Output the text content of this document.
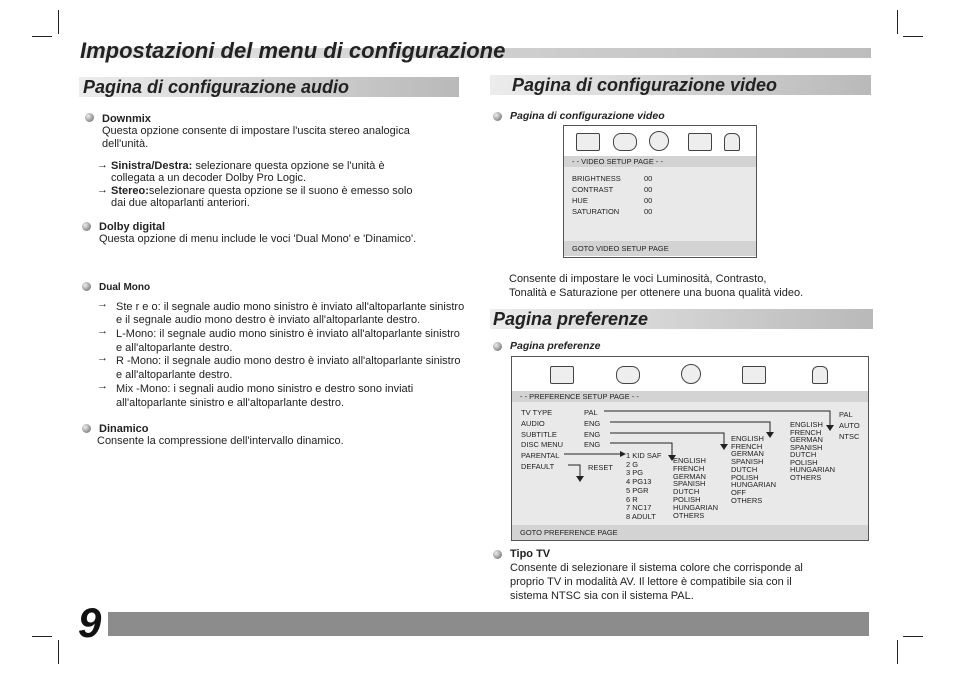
Impostazioni del menu di configurazione
Pagina di configurazione audio
Downmix
Questa opzione consente di impostare l'uscita stereo analogica
dell'unità.
→ Sinistra/Destra: selezionare questa opzione se l'unità è
collegata a un decoder Dolby Pro Logic.
→ Stereo:selezionare questa opzione se il suono è emesso solo
dai due altoparlanti anteriori.
Dolby digital
Questa opzione di menu include le voci 'Dual Mono' e 'Dinamico'.
Dual Mono
→ Ste r e o: il segnale audio mono sinistro è inviato all'altoparlante sinistro
e il segnale audio mono destro è inviato all'altoparlante destro.
→ L-Mono: il segnale audio mono sinistro è inviato all'altoparlante sinistro
e all'altoparlante destro.
→ R -Mono: il segnale audio mono destro è inviato all'altoparlante sinistro
e all'altoparlante destro.
→ Mix -Mono: i segnali audio mono sinistro e destro sono inviati
all'altoparlante sinistro e all'altoparlante destro.
Dinamico
Consente la compressione dell'intervallo dinamico.
Pagina di configurazione video
Pagina di configurazione video
- - VIDEO SETUP PAGE - -
BRIGHTNESS	00
CONTRAST	00
HUE	00
SATURATION	00
GOTO VIDEO SETUP PAGE
Consente di impostare le voci Luminosità, Contrasto,
Tonalità e Saturazione per ottenere una buona qualità video.
Pagina preferenze
Pagina preferenze
- - PREFERENCE SETUP PAGE - -
TV TYPE	PAL
AUDIO	ENG
SUBTITLE	ENG
DISC MENU	ENG
PARENTAL
DEFAULT	RESET
PAL
AUTO
NTSC
ENGLISH
FRENCH
GERMAN
SPANISH
DUTCH
POLISH
HUNGARIAN
OTHERS
ENGLISH
FRENCH
GERMAN
SPANISH
DUTCH
POLISH
HUNGARIAN
OFF
OTHERS
ENGLISH
FRENCH
GERMAN
SPANISH
DUTCH
POLISH
HUNGARIAN
OTHERS
1 KID SAF
2 G
3 PG
4 PG13
5 PGR
6 R
7 NC17
8 ADULT
GOTO PREFERENCE PAGE
Tipo TV
Consente di selezionare il sistema colore che corrisponde al
proprio TV in modalità AV. Il lettore è compatibile sia con il
sistema NTSC sia con il sistema PAL.
9
